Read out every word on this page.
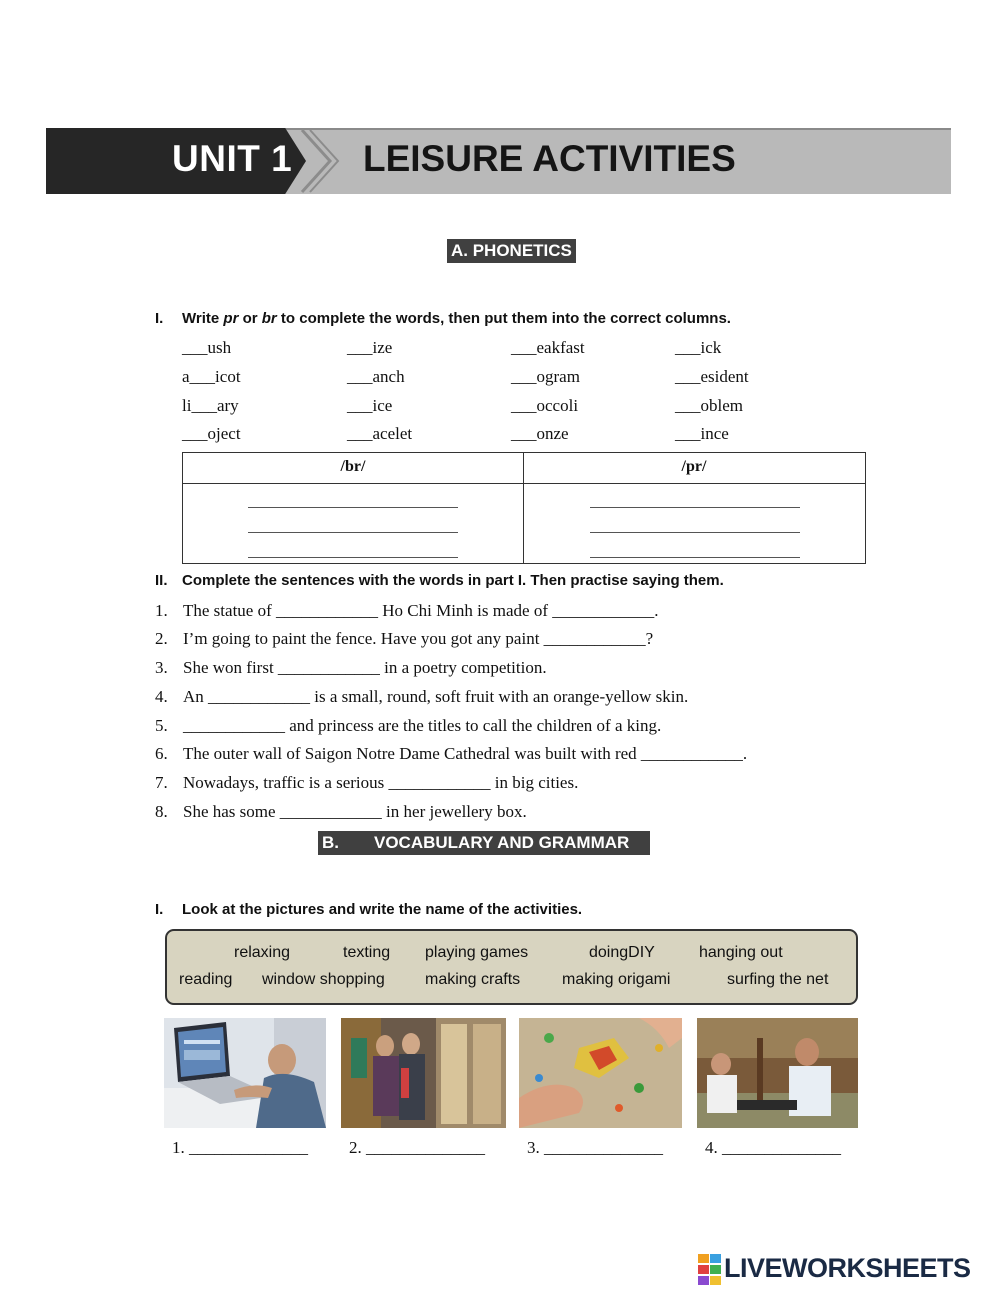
UNIT 1 LEISURE ACTIVITIES
A. PHONETICS
I. Write pr or br to complete the words, then put them into the correct columns.
___ush	___ize	___eakfast	___ick
a___icot	___anch	___ogram	___esident
li___ary	___ice	___occoli	___oblem
___oject	___acelet	___onze	___ince
/br/	/pr/
II. Complete the sentences with the words in part I. Then practise saying them.
1. The statue of ____________ Ho Chi Minh is made of ____________.
2. I’m going to paint the fence. Have you got any paint ____________?
3. She won first ____________ in a poetry competition.
4. An ____________ is a small, round, soft fruit with an orange-yellow skin.
5. ____________ and princess are the titles to call the children of a king.
6. The outer wall of Saigon Notre Dame Cathedral was built with red ____________.
7. Nowadays, traffic is a serious ____________ in big cities.
8. She has some ____________ in her jewellery box.
B. VOCABULARY AND GRAMMAR
I. Look at the pictures and write the name of the activities.
relaxing	texting playing games	doingDIY	hanging out
reading window shopping	making crafts	making origami	surfing the net
1. ______________ 2. ______________ 3. ______________ 4. ______________
LIVEWORKSHEETS
